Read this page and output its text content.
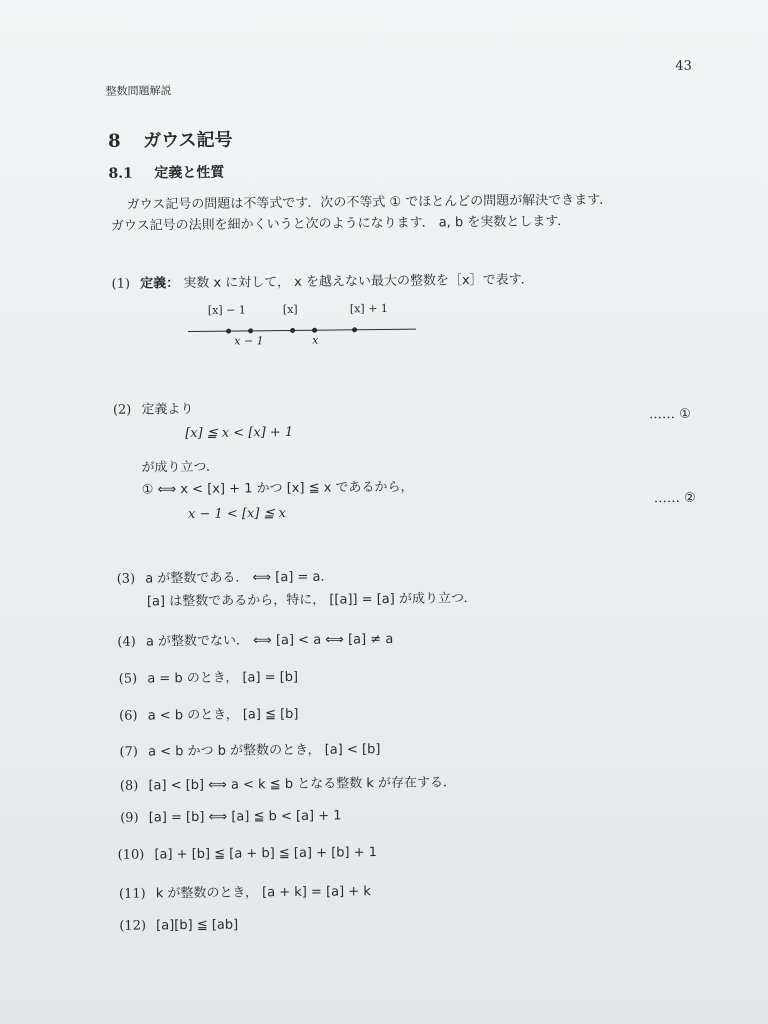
43
整数問題解説
8 ガウス記号
8.1 定義と性質
ガウス記号の問題は不等式です．次の不等式 ① でほとんどの問題が解決できます．
ガウス記号の法則を細かくいうと次のようになります． a, b を実数とします．
(1) 定義： 実数 x に対して， x を越えない最大の整数を［x］で表す．
[x] − 1	[x]	[x] + 1
x − 1	x
(2) 定義より
[x] ≦ x < [x] + 1
…… ①
が成り立つ．
① ⟺ x < [x] + 1 かつ [x] ≦ x であるから，
x − 1 < [x] ≦ x
…… ②
(3) a が整数である． ⟺ [a] = a．
[a] は整数であるから，特に， [[a]] = [a] が成り立つ．
(4) a が整数でない． ⟺ [a] < a ⟺ [a] ≠ a
(5) a = b のとき， [a] = [b]
(6) a < b のとき， [a] ≦ [b]
(7) a < b かつ b が整数のとき， [a] < [b]
(8) [a] < [b] ⟺ a < k ≦ b となる整数 k が存在する．
(9) [a] = [b] ⟺ [a] ≦ b < [a] + 1
(10) [a] + [b] ≦ [a + b] ≦ [a] + [b] + 1
(11) k が整数のとき， [a + k] = [a] + k
(12) [a][b] ≦ [ab]
